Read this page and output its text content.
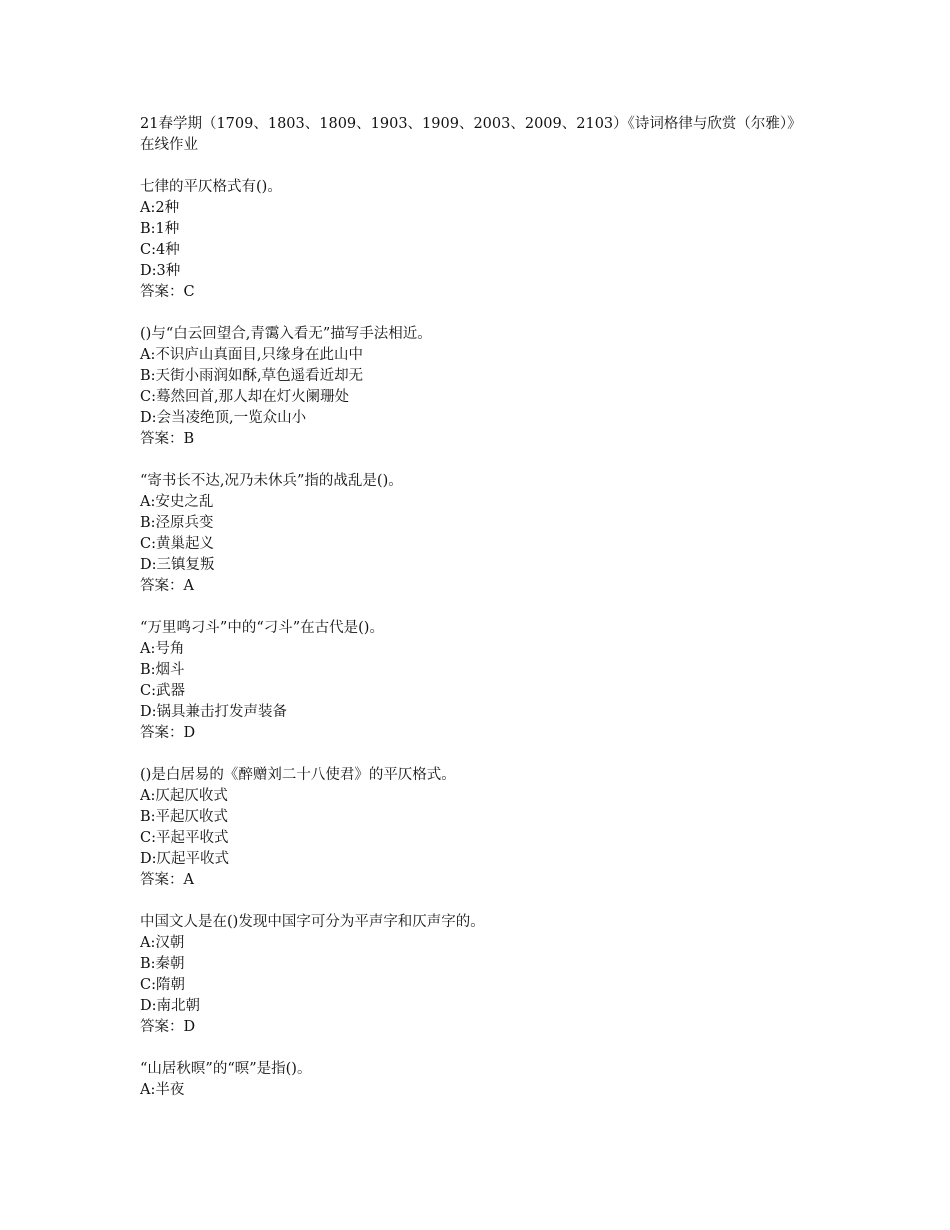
21春学期（1709、1803、1809、1903、1909、2003、2009、2103）《诗词格律与欣赏（尔雅）》
在线作业
七律的平仄格式有()。
A:2种
B:1种
C:4种
D:3种
答案：C
()与“白云回望合,青霭入看无”描写手法相近。
A:不识庐山真面目,只缘身在此山中
B:天街小雨润如酥,草色遥看近却无
C:蓦然回首,那人却在灯火阑珊处
D:会当凌绝顶,一览众山小
答案：B
“寄书长不达,况乃未休兵”指的战乱是()。
A:安史之乱
B:泾原兵变
C:黄巢起义
D:三镇复叛
答案：A
“万里鸣刁斗”中的“刁斗”在古代是()。
A:号角
B:烟斗
C:武器
D:锅具兼击打发声装备
答案：D
()是白居易的《醉赠刘二十八使君》的平仄格式。
A:仄起仄收式
B:平起仄收式
C:平起平收式
D:仄起平收式
答案：A
中国文人是在()发现中国字可分为平声字和仄声字的。
A:汉朝
B:秦朝
C:隋朝
D:南北朝
答案：D
“山居秋暝”的“暝”是指()。
A:半夜
